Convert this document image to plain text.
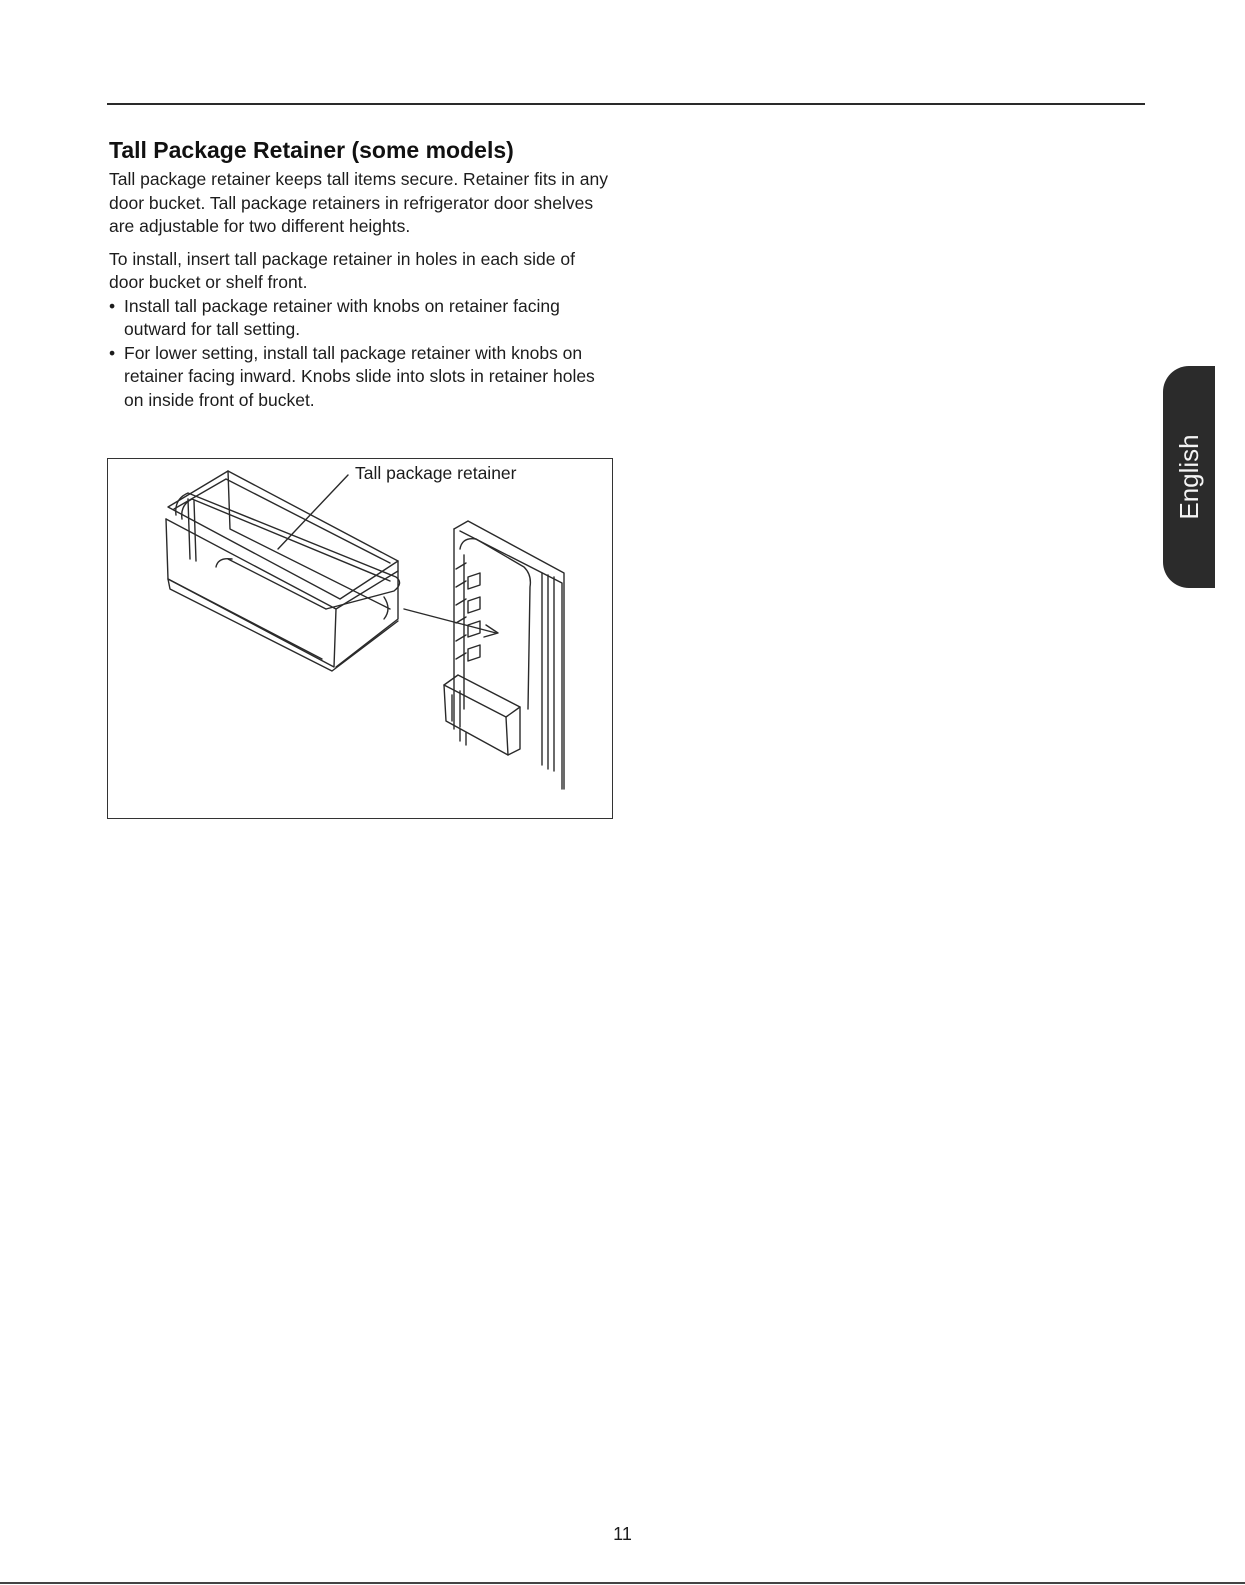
Tall Package Retainer (some models)

Tall package retainer keeps tall items secure. Retainer fits in any door bucket. Tall package retainers in refrigerator door shelves are adjustable for two different heights.

To install, insert tall package retainer in holes in each side of door bucket or shelf front.

• Install tall package retainer with knobs on retainer facing outward for tall setting.
• For lower setting, install tall package retainer with knobs on retainer facing inward. Knobs slide into slots in retainer holes on inside front of bucket.
Tall package retainer	English
11
